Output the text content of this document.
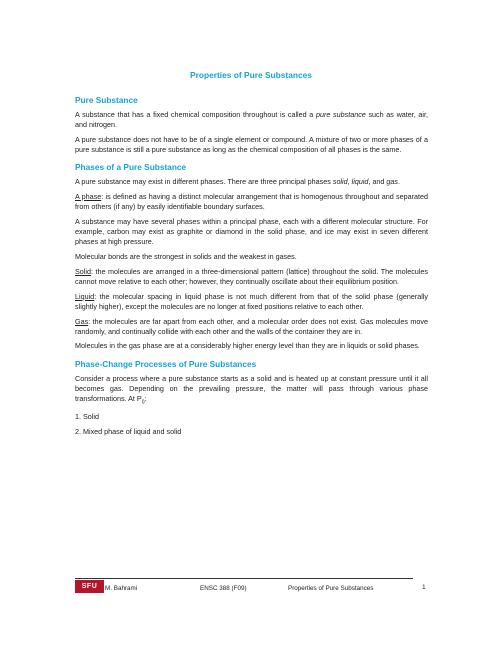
Properties of Pure Substances
Pure Substance

A substance that has a fixed chemical composition throughout is called a pure substance such as water, air, and nitrogen.

A pure substance does not have to be of a single element or compound. A mixture of two or more phases of a pure substance is still a pure substance as long as the chemical composition of all phases is the same.

Phases of a Pure Substance

A pure substance may exist in different phases. There are three principal phases solid, liquid, and gas.

A phase: is defined as having a distinct molecular arrangement that is homogenous throughout and separated from others (if any) by easily identifiable boundary surfaces.

A substance may have several phases within a principal phase, each with a different molecular structure. For example, carbon may exist as graphite or diamond in the solid phase, and ice may exist in seven different phases at high pressure.

Molecular bonds are the strongest in solids and the weakest in gases.

Solid: the molecules are arranged in a three-dimensional pattern (lattice) throughout the solid. The molecules cannot move relative to each other; however, they continually oscillate about their equilibrium position.

Liquid: the molecular spacing in liquid phase is not much different from that of the solid phase (generally slightly higher), except the molecules are no longer at fixed positions relative to each other.

Gas: the molecules are far apart from each other, and a molecular order does not exist. Gas molecules move randomly, and continually collide with each other and the walls of the container they are in.

Molecules in the gas phase are at a considerably higher energy level than they are in liquids or solid phases.

Phase-Change Processes of Pure Substances

Consider a process where a pure substance starts as a solid and is heated up at constant pressure until it all becomes gas. Depending on the prevailing pressure, the matter will pass through various phase transformations. At $P_0$:

1. Solid

2. Mixed phase of liquid and solid

SFU	M. Bahrami	ENSC 388 (F09)	Properties of Pure Substances	1
